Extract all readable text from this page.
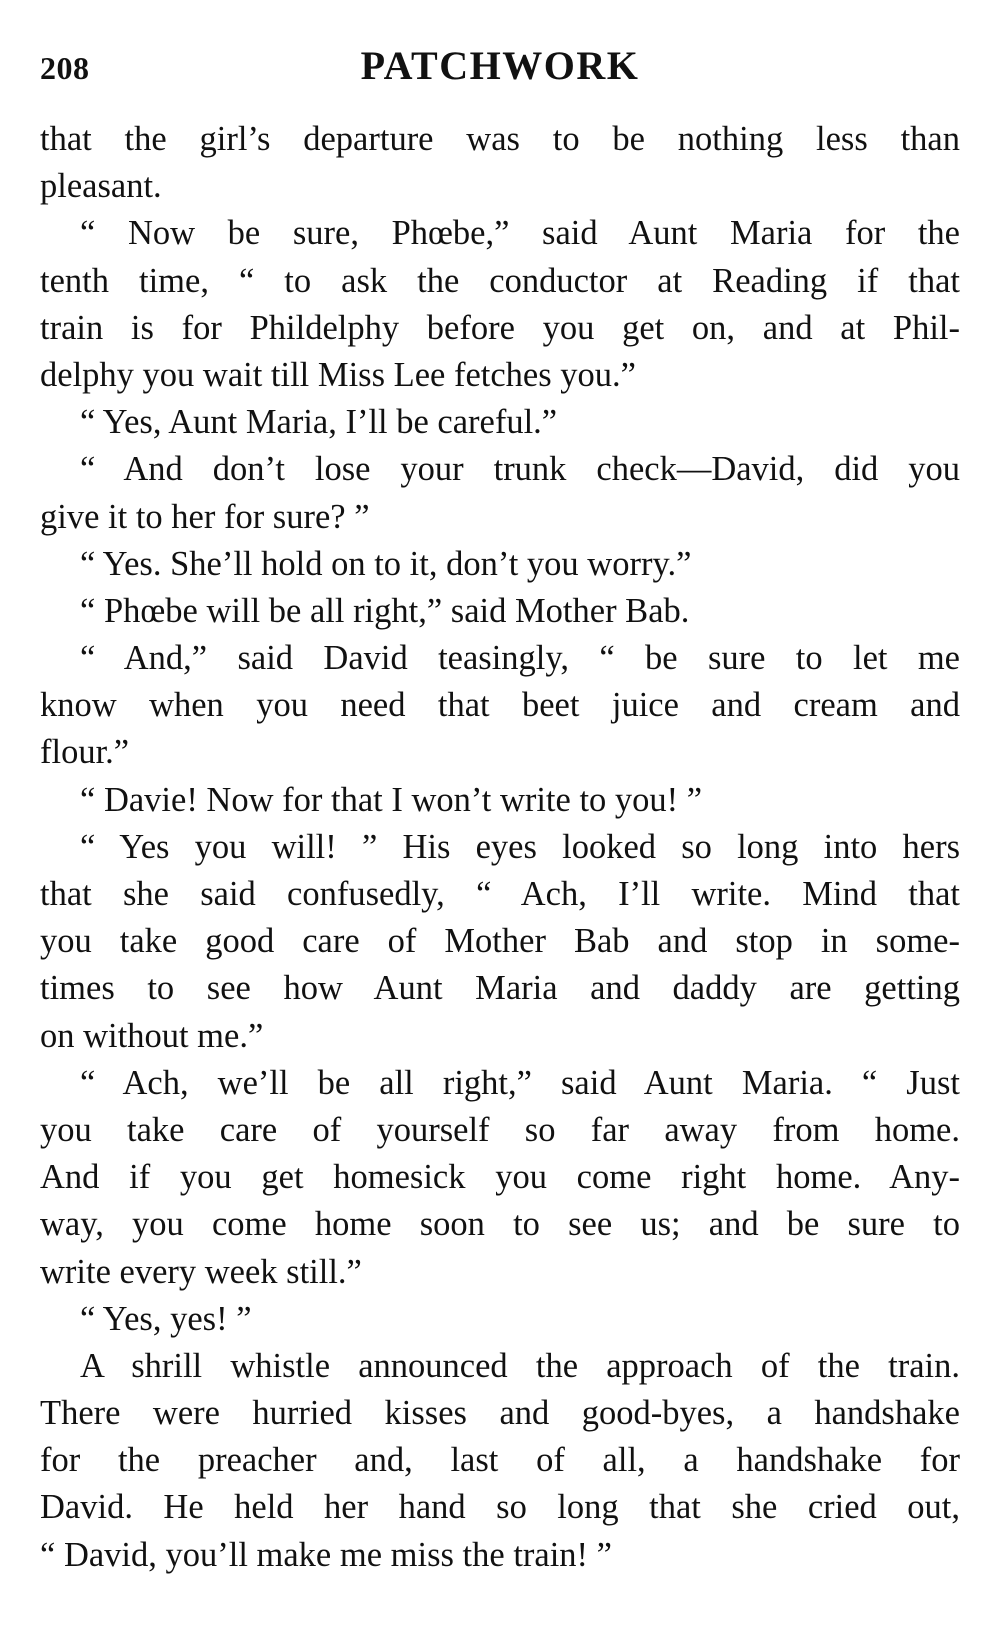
208	PATCHWORK
that the girl’s departure was to be nothing less than
pleasant.
“ Now be sure, Phœbe,” said Aunt Maria for the
tenth time, “ to ask the conductor at Reading if that
train is for Phildelphy before you get on, and at Phil-
delphy you wait till Miss Lee fetches you.”
“ Yes, Aunt Maria, I’ll be careful.”
“ And don’t lose your trunk check—David, did you
give it to her for sure? ”
“ Yes. She’ll hold on to it, don’t you worry.”
“ Phœbe will be all right,” said Mother Bab.
“ And,” said David teasingly, “ be sure to let me
know when you need that beet juice and cream and
flour.”
“ Davie! Now for that I won’t write to you! ”
“ Yes you will! ” His eyes looked so long into hers
that she said confusedly, “ Ach, I’ll write. Mind that
you take good care of Mother Bab and stop in some-
times to see how Aunt Maria and daddy are getting
on without me.”
“ Ach, we’ll be all right,” said Aunt Maria. “ Just
you take care of yourself so far away from home.
And if you get homesick you come right home. Any-
way, you come home soon to see us; and be sure to
write every week still.”
“ Yes, yes! ”
A shrill whistle announced the approach of the train.
There were hurried kisses and good-byes, a handshake
for the preacher and, last of all, a handshake for
David. He held her hand so long that she cried out,
“ David, you’ll make me miss the train! ”
